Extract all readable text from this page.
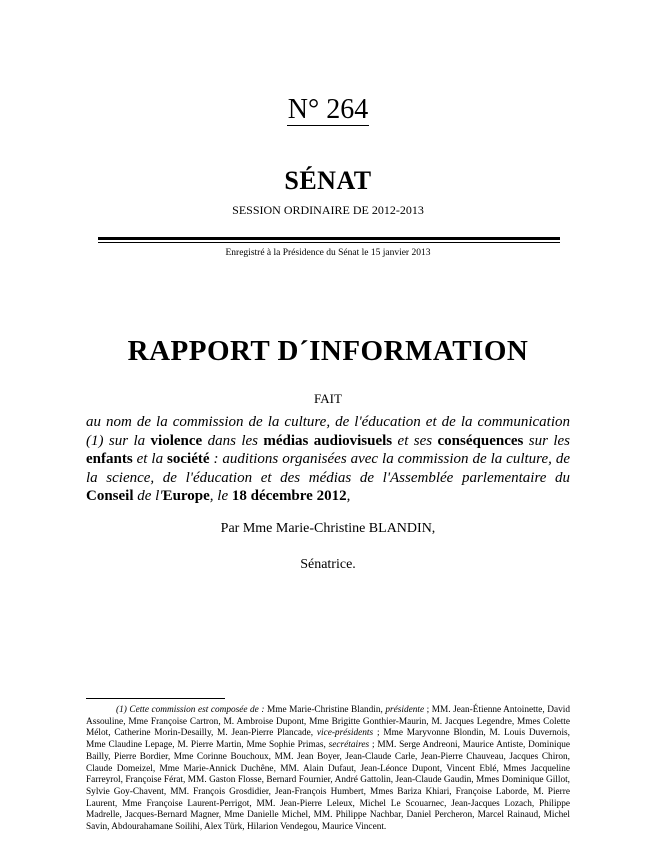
N° 264
SÉNAT
SESSION ORDINAIRE DE 2012-2013
Enregistré à la Présidence du Sénat le 15 janvier 2013
RAPPORT D´INFORMATION
FAIT
au nom de la commission de la culture, de l'éducation et de la communication (1) sur la violence dans les médias audiovisuels et ses conséquences sur les enfants et la société : auditions organisées avec la commission de la culture, de la science, de l'éducation et des médias de l'Assemblée parlementaire du Conseil de l'Europe, le 18 décembre 2012,
Par Mme Marie-Christine BLANDIN,
Sénatrice.
(1) Cette commission est composée de : Mme Marie-Christine Blandin, présidente ; MM. Jean-Étienne Antoinette, David Assouline, Mme Françoise Cartron, M. Ambroise Dupont, Mme Brigitte Gonthier-Maurin, M. Jacques Legendre, Mmes Colette Mélot, Catherine Morin-Desailly, M. Jean-Pierre Plancade, vice-présidents ; Mme Maryvonne Blondin, M. Louis Duvernois, Mme Claudine Lepage, M. Pierre Martin, Mme Sophie Primas, secrétaires ; MM. Serge Andreoni, Maurice Antiste, Dominique Bailly, Pierre Bordier, Mme Corinne Bouchoux, MM. Jean Boyer, Jean-Claude Carle, Jean-Pierre Chauveau, Jacques Chiron, Claude Domeizel, Mme Marie-Annick Duchêne, MM. Alain Dufaut, Jean-Léonce Dupont, Vincent Eblé, Mmes Jacqueline Farreyrol, Françoise Férat, MM. Gaston Flosse, Bernard Fournier, André Gattolin, Jean-Claude Gaudin, Mmes Dominique Gillot, Sylvie Goy-Chavent, MM. François Grosdidier, Jean-François Humbert, Mmes Bariza Khiari, Françoise Laborde, M. Pierre Laurent, Mme Françoise Laurent-Perrigot, MM. Jean-Pierre Leleux, Michel Le Scouarnec, Jean-Jacques Lozach, Philippe Madrelle, Jacques-Bernard Magner, Mme Danielle Michel, MM. Philippe Nachbar, Daniel Percheron, Marcel Rainaud, Michel Savin, Abdourahamane Soilihi, Alex Türk, Hilarion Vendegou, Maurice Vincent.
